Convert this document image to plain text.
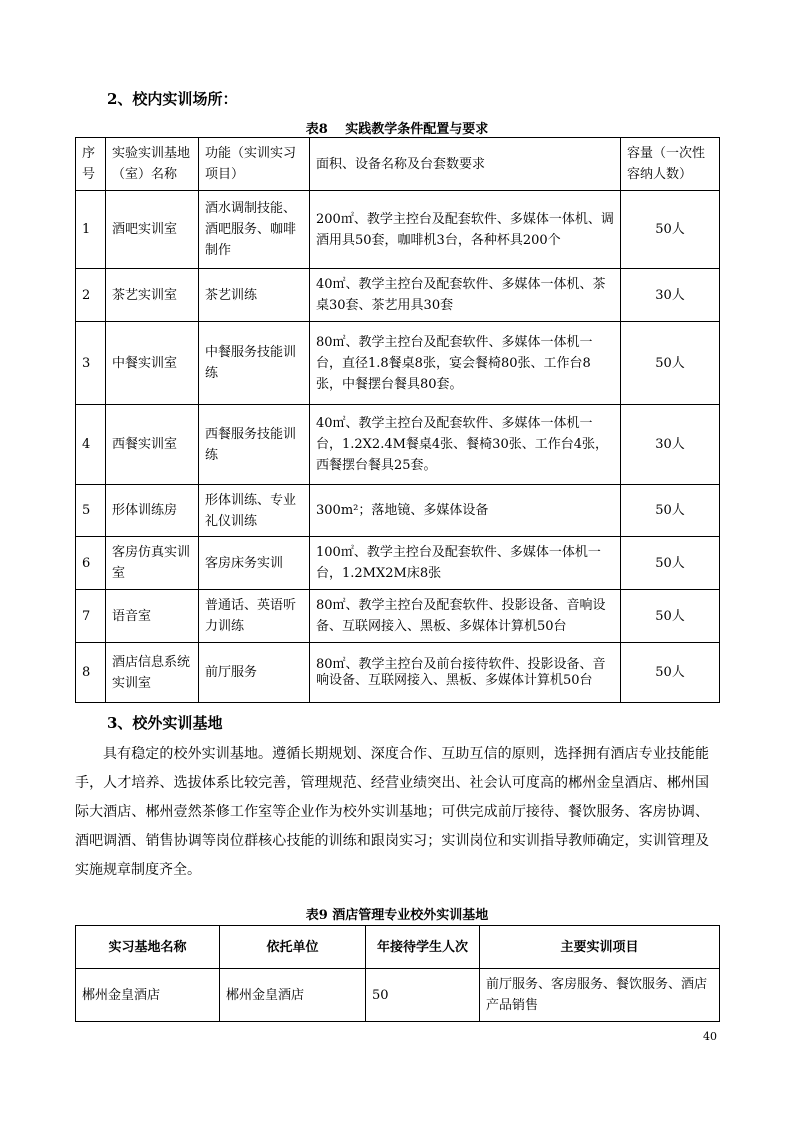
2、校内实训场所：
表8　 实践教学条件配置与要求
序号	实验实训基地（室）名称	功能（实训实习项目）	面积、设备名称及台套数要求	容量（一次性容纳人数）
1	酒吧实训室	酒水调制技能、酒吧服务、咖啡制作	200㎡、教学主控台及配套软件、多媒体一体机、调酒用具50套，咖啡机3台，各种杯具200个	50人
2	茶艺实训室	茶艺训练	40㎡、教学主控台及配套软件、多媒体一体机、茶桌30套、茶艺用具30套	30人
3	中餐实训室	中餐服务技能训练	80㎡、教学主控台及配套软件、多媒体一体机一台，直径1.8餐桌8张，宴会餐椅80张、工作台8张，中餐摆台餐具80套。	50人
4	西餐实训室	西餐服务技能训练	40㎡、教学主控台及配套软件、多媒体一体机一台，1.2X2.4M餐桌4张、餐椅30张、工作台4张，西餐摆台餐具25套。	30人
5	形体训练房	形体训练、专业礼仪训练	300m²；落地镜、多媒体设备	50人
6	客房仿真实训室	客房床务实训	100㎡、教学主控台及配套软件、多媒体一体机一台，1.2MX2M床8张	50人
7	语音室	普通话、英语听力训练	80㎡、教学主控台及配套软件、投影设备、音响设备、互联网接入、黑板、多媒体计算机50台	50人
8	酒店信息系统实训室	前厅服务	80㎡、教学主控台及前台接待软件、投影设备、音响设备、互联网接入、黑板、多媒体计算机50台	50人
3、校外实训基地
具有稳定的校外实训基地。遵循长期规划、深度合作、互助互信的原则，选择拥有酒店专业技能能手，人才培养、选拔体系比较完善，管理规范、经营业绩突出、社会认可度高的郴州金皇酒店、郴州国际大酒店、郴州壹然茶修工作室等企业作为校外实训基地；可供完成前厅接待、餐饮服务、客房协调、酒吧调酒、销售协调等岗位群核心技能的训练和跟岗实习；实训岗位和实训指导教师确定，实训管理及实施规章制度齐全。
表9 酒店管理专业校外实训基地
实习基地名称	依托单位	年接待学生人次	主要实训项目
郴州金皇酒店	郴州金皇酒店	50	前厅服务、客房服务、餐饮服务、酒店产品销售
40
